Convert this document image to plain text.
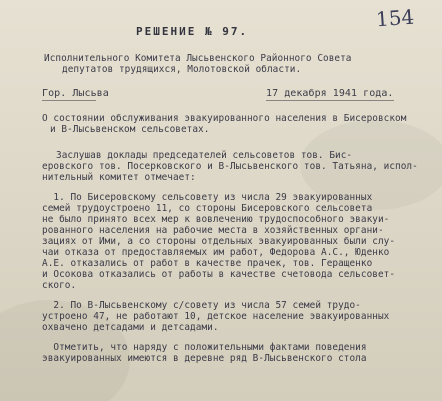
154
РЕШЕНИЕ № 97.
Исполнительного Комитета Лысьвенского Районного Совета
депутатов трудящихся, Молотовской области.
Гор. Лысьва	17 декабря 1941 года.
О состоянии обслуживания эвакуированного населения в Бисеровском
и В-Лысьвенском сельсоветах.
Заслушав доклады председателей сельсоветов тов. Бис-
еровского тов. Посерковского и В-Лысьвенского тов. Татьяна, испол-
нительный комитет отмечает:
1. По Бисеровскому сельсовету из числа 29 эвакуированных
семей трудоустроено 11, со стороны Бисеровского сельсовета
не было принято всех мер к вовлечению трудоспособного эвакуи-
рованного населения на рабочие места в хозяйственных органи-
зациях от Ими, а со стороны отдельных эвакуированных были слу-
чаи отказа от предоставляемых им работ, Федорова А.С., Юденко
А.Е. отказались от работ в качестве прачек, тов. Геращенко
и Осокова отказались от работы в качестве счетовода сельсовет-
ского.
2. По В-Лысьвенскому с/совету из числа 57 семей трудо-
устроено 47, не работают 10, детское население эвакуированных
охвачено детсадами и детсадами.
Отметить, что наряду с положительными фактами поведения
эвакуированных имеются в деревне ряд В-Лысьвенского стола
